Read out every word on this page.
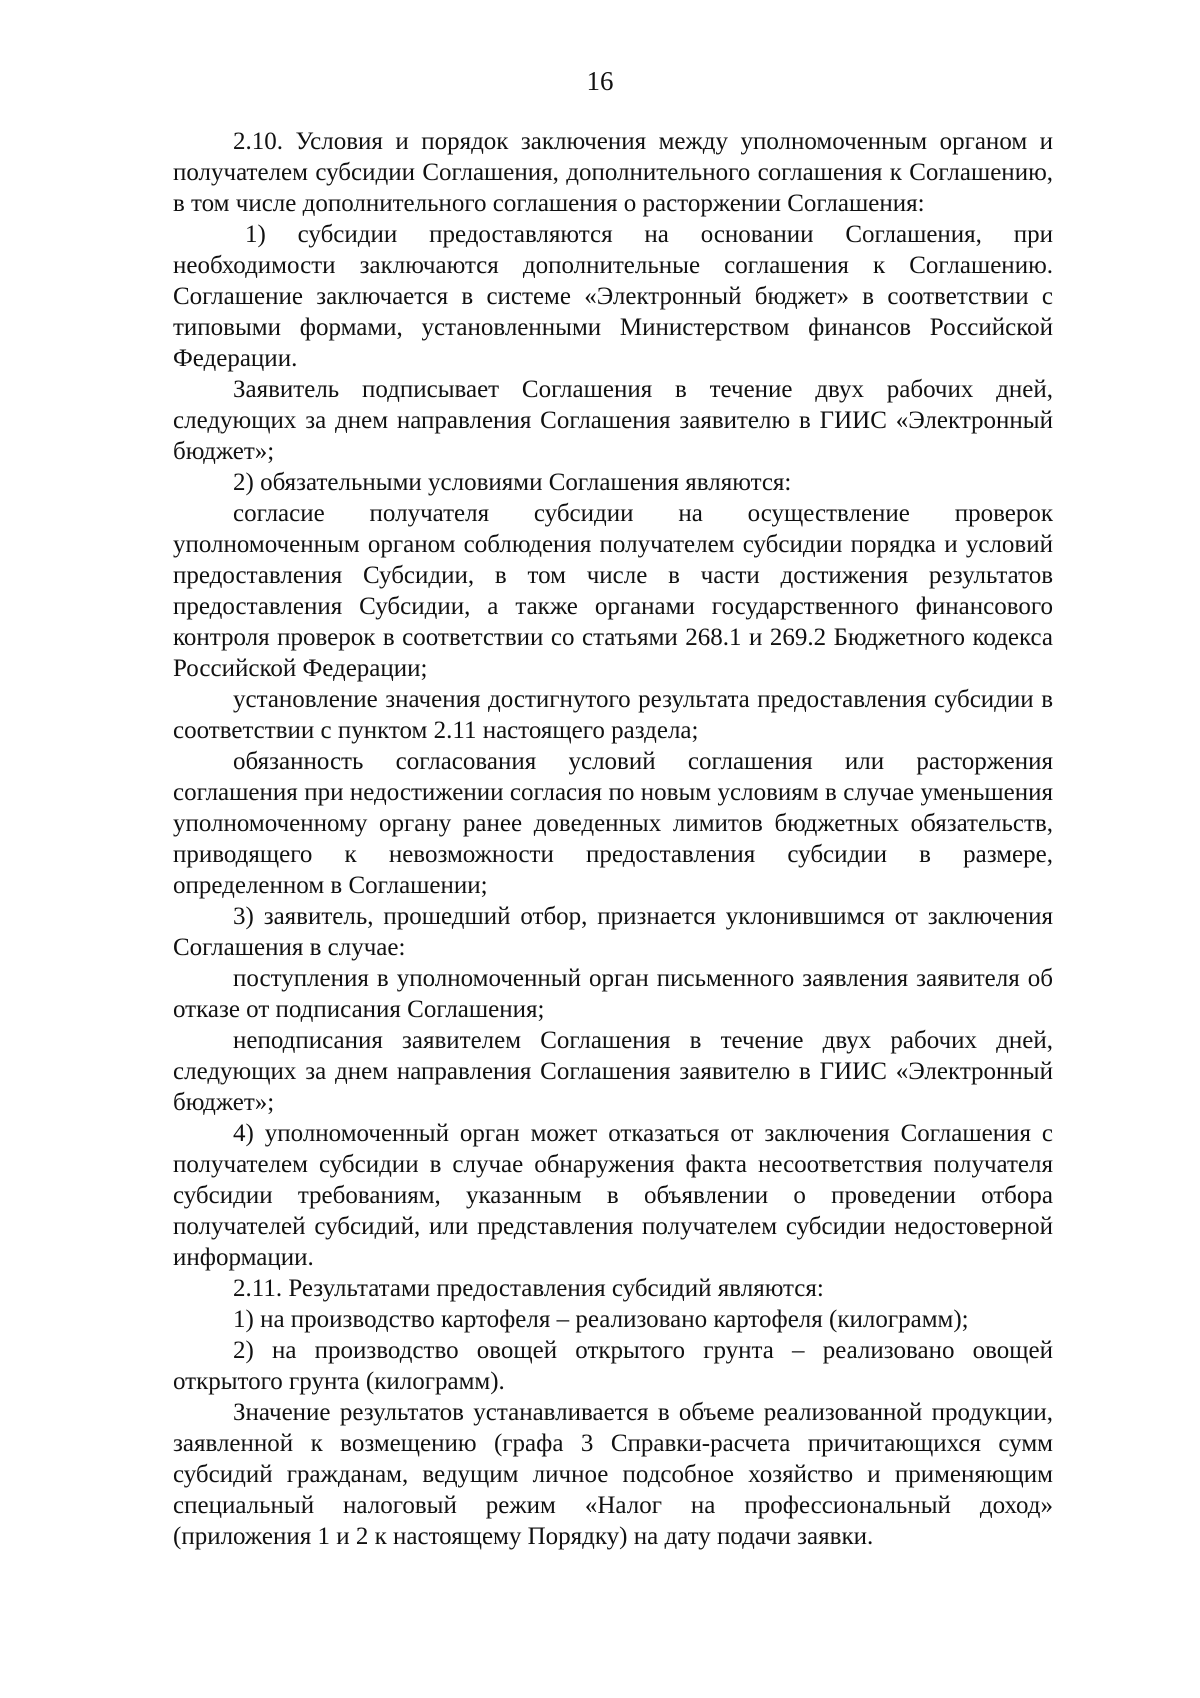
16

2.10. Условия и порядок заключения между уполномоченным органом и получателем субсидии Соглашения, дополнительного соглашения к Соглашению, в том числе дополнительного соглашения о расторжении Соглашения:

1) субсидии предоставляются на основании Соглашения, при необходимости заключаются дополнительные соглашения к Соглашению. Соглашение заключается в системе «Электронный бюджет» в соответствии с типовыми формами, установленными Министерством финансов Российской Федерации.

Заявитель подписывает Соглашения в течение двух рабочих дней, следующих за днем направления Соглашения заявителю в ГИИС «Электронный бюджет»;

2) обязательными условиями Соглашения являются:

согласие получателя субсидии на осуществление проверок уполномоченным органом соблюдения получателем субсидии порядка и условий предоставления Субсидии, в том числе в части достижения результатов предоставления Субсидии, а также органами государственного финансового контроля проверок в соответствии со статьями 268.1 и 269.2 Бюджетного кодекса Российской Федерации;

установление значения достигнутого результата предоставления субсидии в соответствии с пунктом 2.11 настоящего раздела;

обязанность согласования условий соглашения или расторжения соглашения при недостижении согласия по новым условиям в случае уменьшения уполномоченному органу ранее доведенных лимитов бюджетных обязательств, приводящего к невозможности предоставления субсидии в размере, определенном в Соглашении;

3) заявитель, прошедший отбор, признается уклонившимся от заключения Соглашения в случае:

поступления в уполномоченный орган письменного заявления заявителя об отказе от подписания Соглашения;

неподписания заявителем Соглашения в течение двух рабочих дней, следующих за днем направления Соглашения заявителю в ГИИС «Электронный бюджет»;

4) уполномоченный орган может отказаться от заключения Соглашения с получателем субсидии в случае обнаружения факта несоответствия получателя субсидии требованиям, указанным в объявлении о проведении отбора получателей субсидий, или представления получателем субсидии недостоверной информации.

2.11. Результатами предоставления субсидий являются:

1) на производство картофеля – реализовано картофеля (килограмм);

2) на производство овощей открытого грунта – реализовано овощей открытого грунта (килограмм).

Значение результатов устанавливается в объеме реализованной продукции, заявленной к возмещению (графа 3 Справки-расчета причитающихся сумм субсидий гражданам, ведущим личное подсобное хозяйство и применяющим специальный налоговый режим «Налог на профессиональный доход» (приложения 1 и 2 к настоящему Порядку) на дату подачи заявки.
